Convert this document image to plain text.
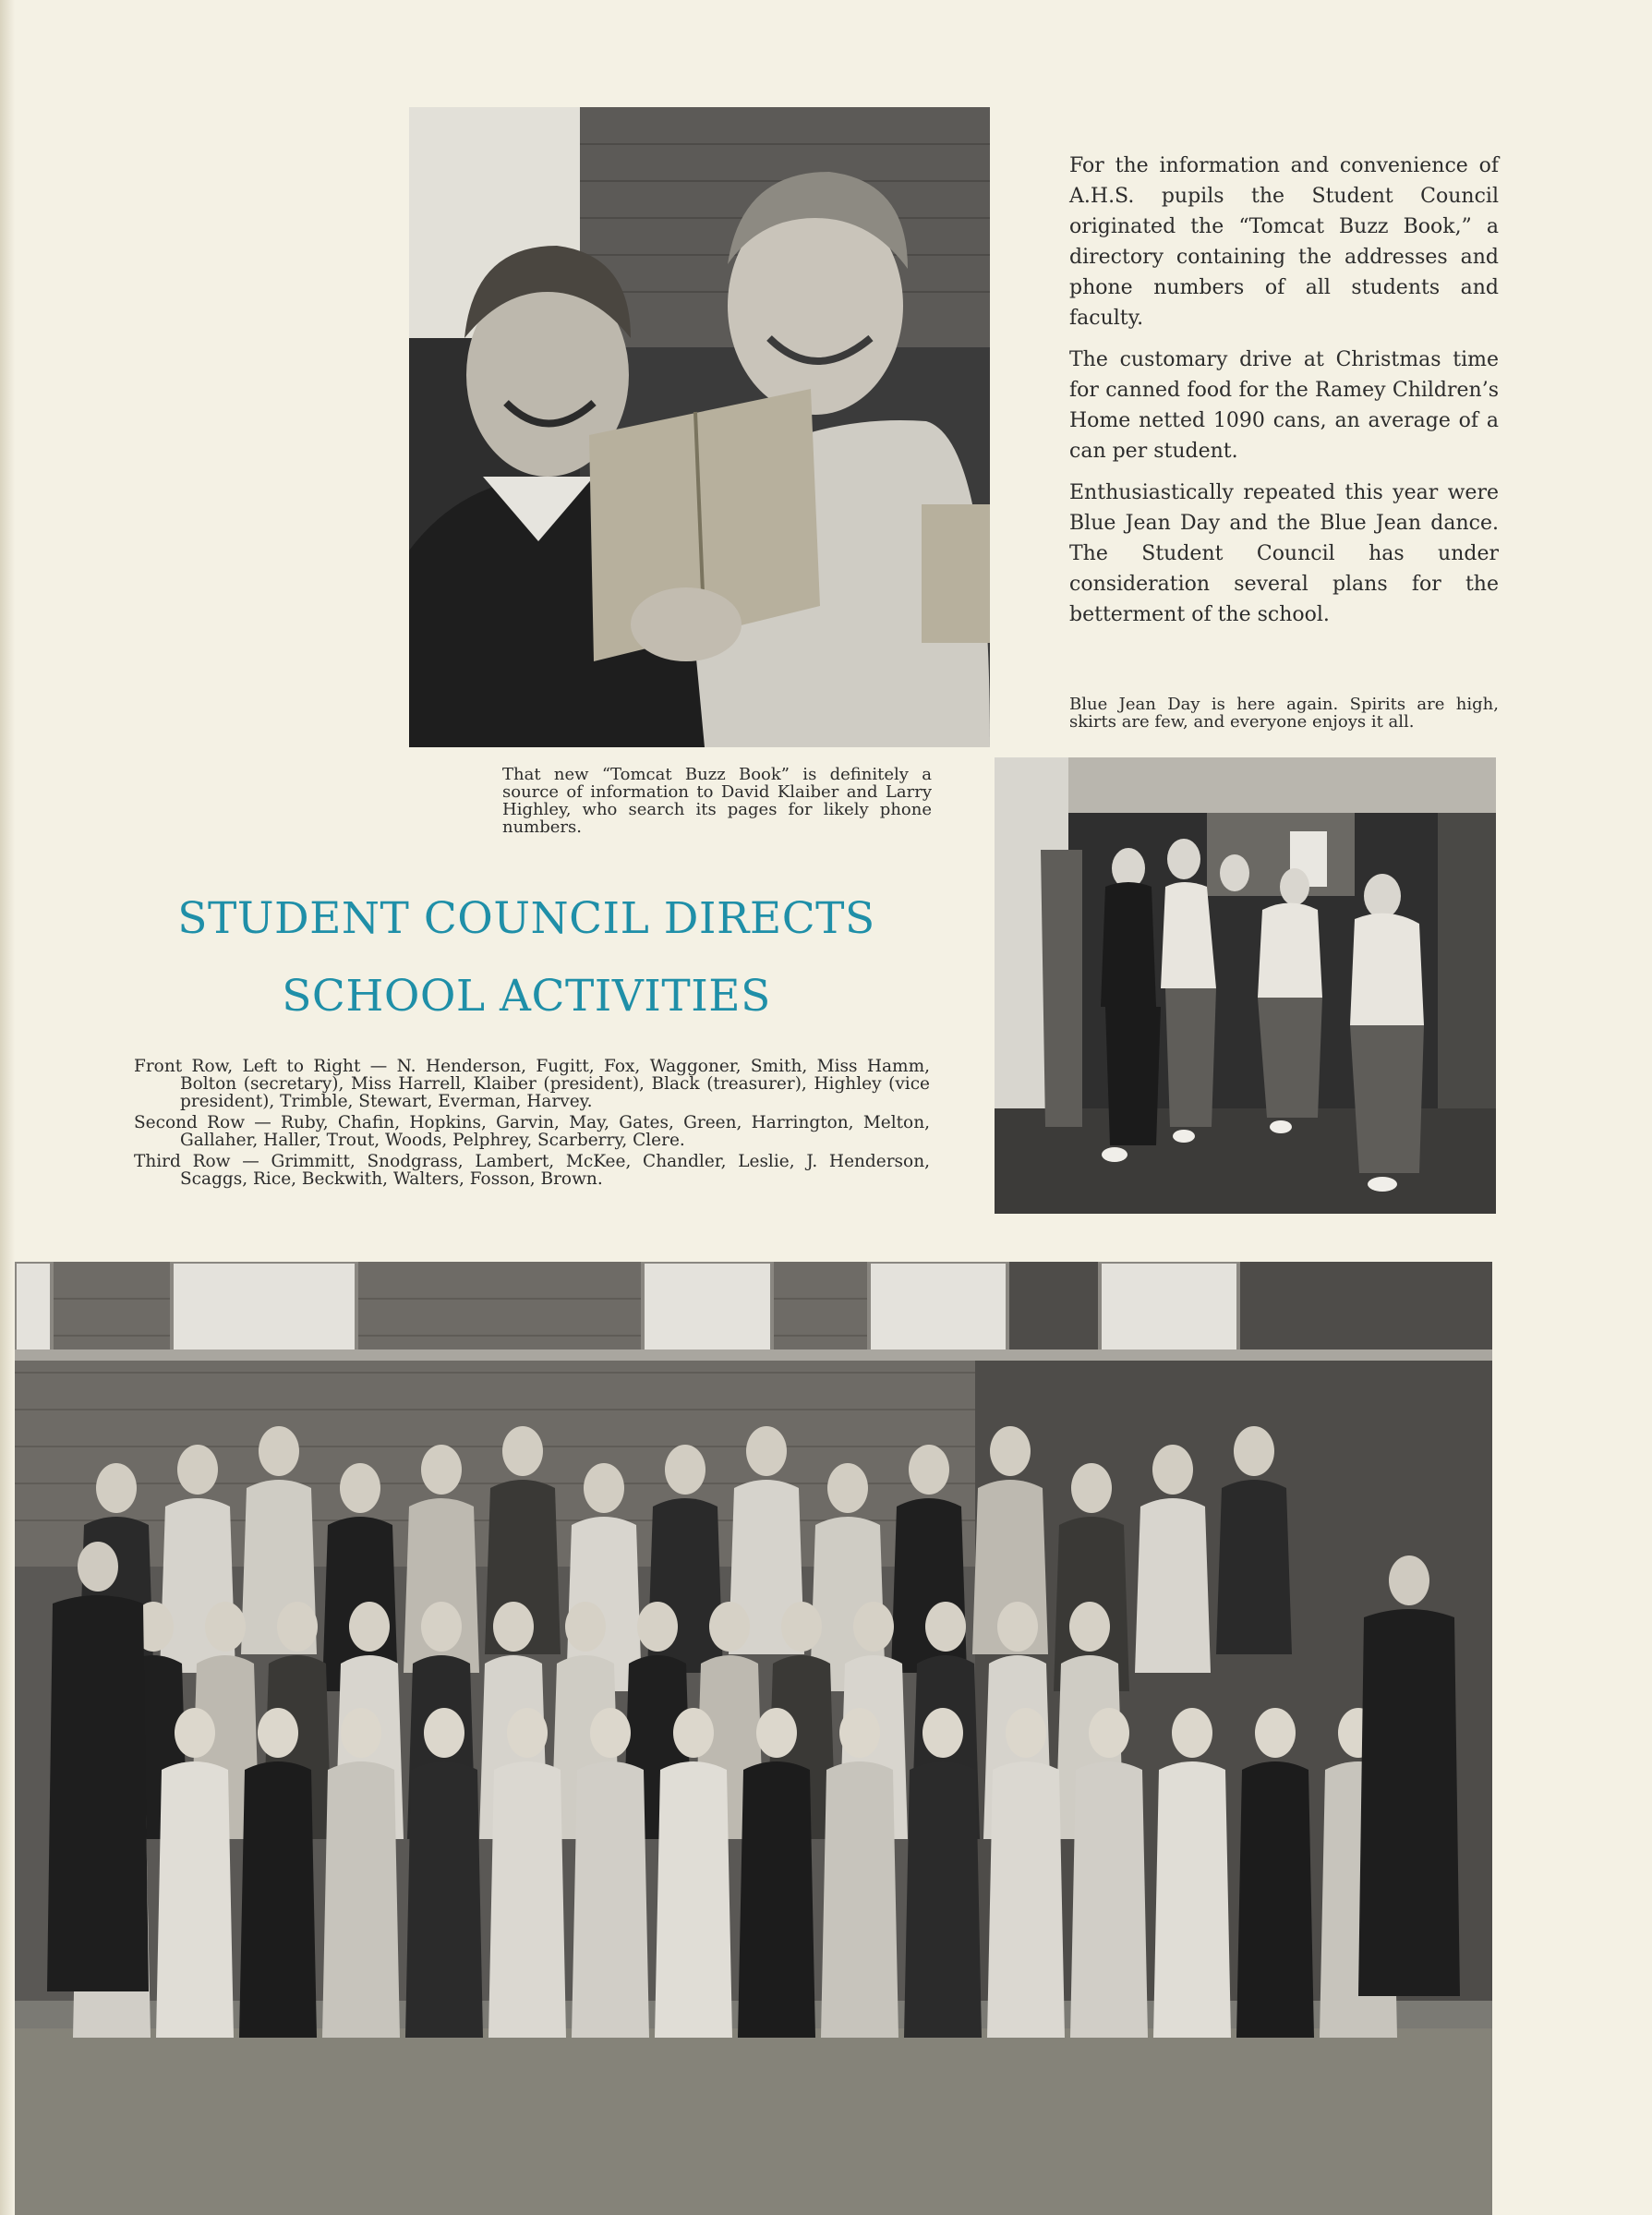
For the information and convenience of A.H.S. pupils the Student Council originated the “Tomcat Buzz Book,” a directory containing the addresses and phone numbers of all students and faculty.

The customary drive at Christmas time for canned food for the Ramey Children’s Home netted 1090 cans, an average of a can per student.

Enthusiastically repeated this year were Blue Jean Day and the Blue Jean dance. The Student Council has under consideration several plans for the betterment of the school.

Blue Jean Day is here again. Spirits are high, skirts are few, and everyone enjoys it all.
That new “Tomcat Buzz Book” is definitely a source of information to David Klaiber and Larry Highley, who search its pages for likely phone numbers.
STUDENT COUNCIL DIRECTS
SCHOOL ACTIVITIES

Front Row, Left to Right — N. Henderson, Fugitt, Fox, Waggoner, Smith, Miss Hamm, Bolton (secretary), Miss Harrell, Klaiber (president), Black (treasurer), Highley (vice president), Trimble, Stewart, Everman, Harvey.

Second Row — Ruby, Chafin, Hopkins, Garvin, May, Gates, Green, Harrington, Melton, Gallaher, Haller, Trout, Woods, Pelphrey, Scarberry, Clere.

Third Row — Grimmitt, Snodgrass, Lambert, McKee, Chandler, Leslie, J. Henderson, Scaggs, Rice, Beckwith, Walters, Fosson, Brown.
